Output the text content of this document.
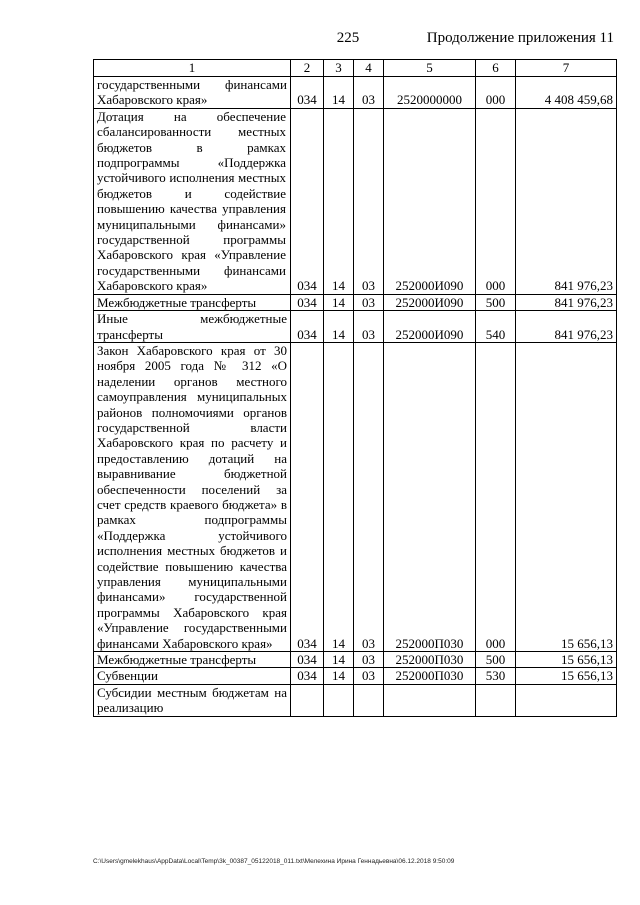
225	Продолжение приложения 11
1	2	3	4	5	6	7
государственными финансами Хабаровского края»	034	14	03	2520000000	000	4 408 459,68
Дотация на обеспечение сбалансированности местных бюджетов в рамках подпрограммы «Поддержка устойчивого исполнения местных бюджетов и содействие повышению качества управления муниципальными финансами» государственной программы Хабаровского края «Управление государственными финансами Хабаровского края»	034	14	03	252000И090	000	841 976,23
Межбюджетные трансферты	034	14	03	252000И090	500	841 976,23
Иные межбюджетные трансферты	034	14	03	252000И090	540	841 976,23
Закон Хабаровского края от 30 ноября 2005 года № 312 «О наделении органов местного самоуправления муниципальных районов полномочиями органов государственной власти Хабаровского края по расчету и предоставлению дотаций на выравнивание бюджетной обеспеченности поселений за счет средств краевого бюджета» в рамках подпрограммы «Поддержка устойчивого исполнения местных бюджетов и содействие повышению качества управления муниципальными финансами» государственной программы Хабаровского края «Управление государственными финансами Хабаровского края»	034	14	03	252000П030	000	15 656,13
Межбюджетные трансферты	034	14	03	252000П030	500	15 656,13
Субвенции	034	14	03	252000П030	530	15 656,13
Субсидии местным бюджетам на реализацию						
C:\Users\gmelekhaus\AppData\Local\Temp\3k_00387_05122018_011.txt\Мелехина Ирина Геннадьевна\06.12.2018 9:50:09
